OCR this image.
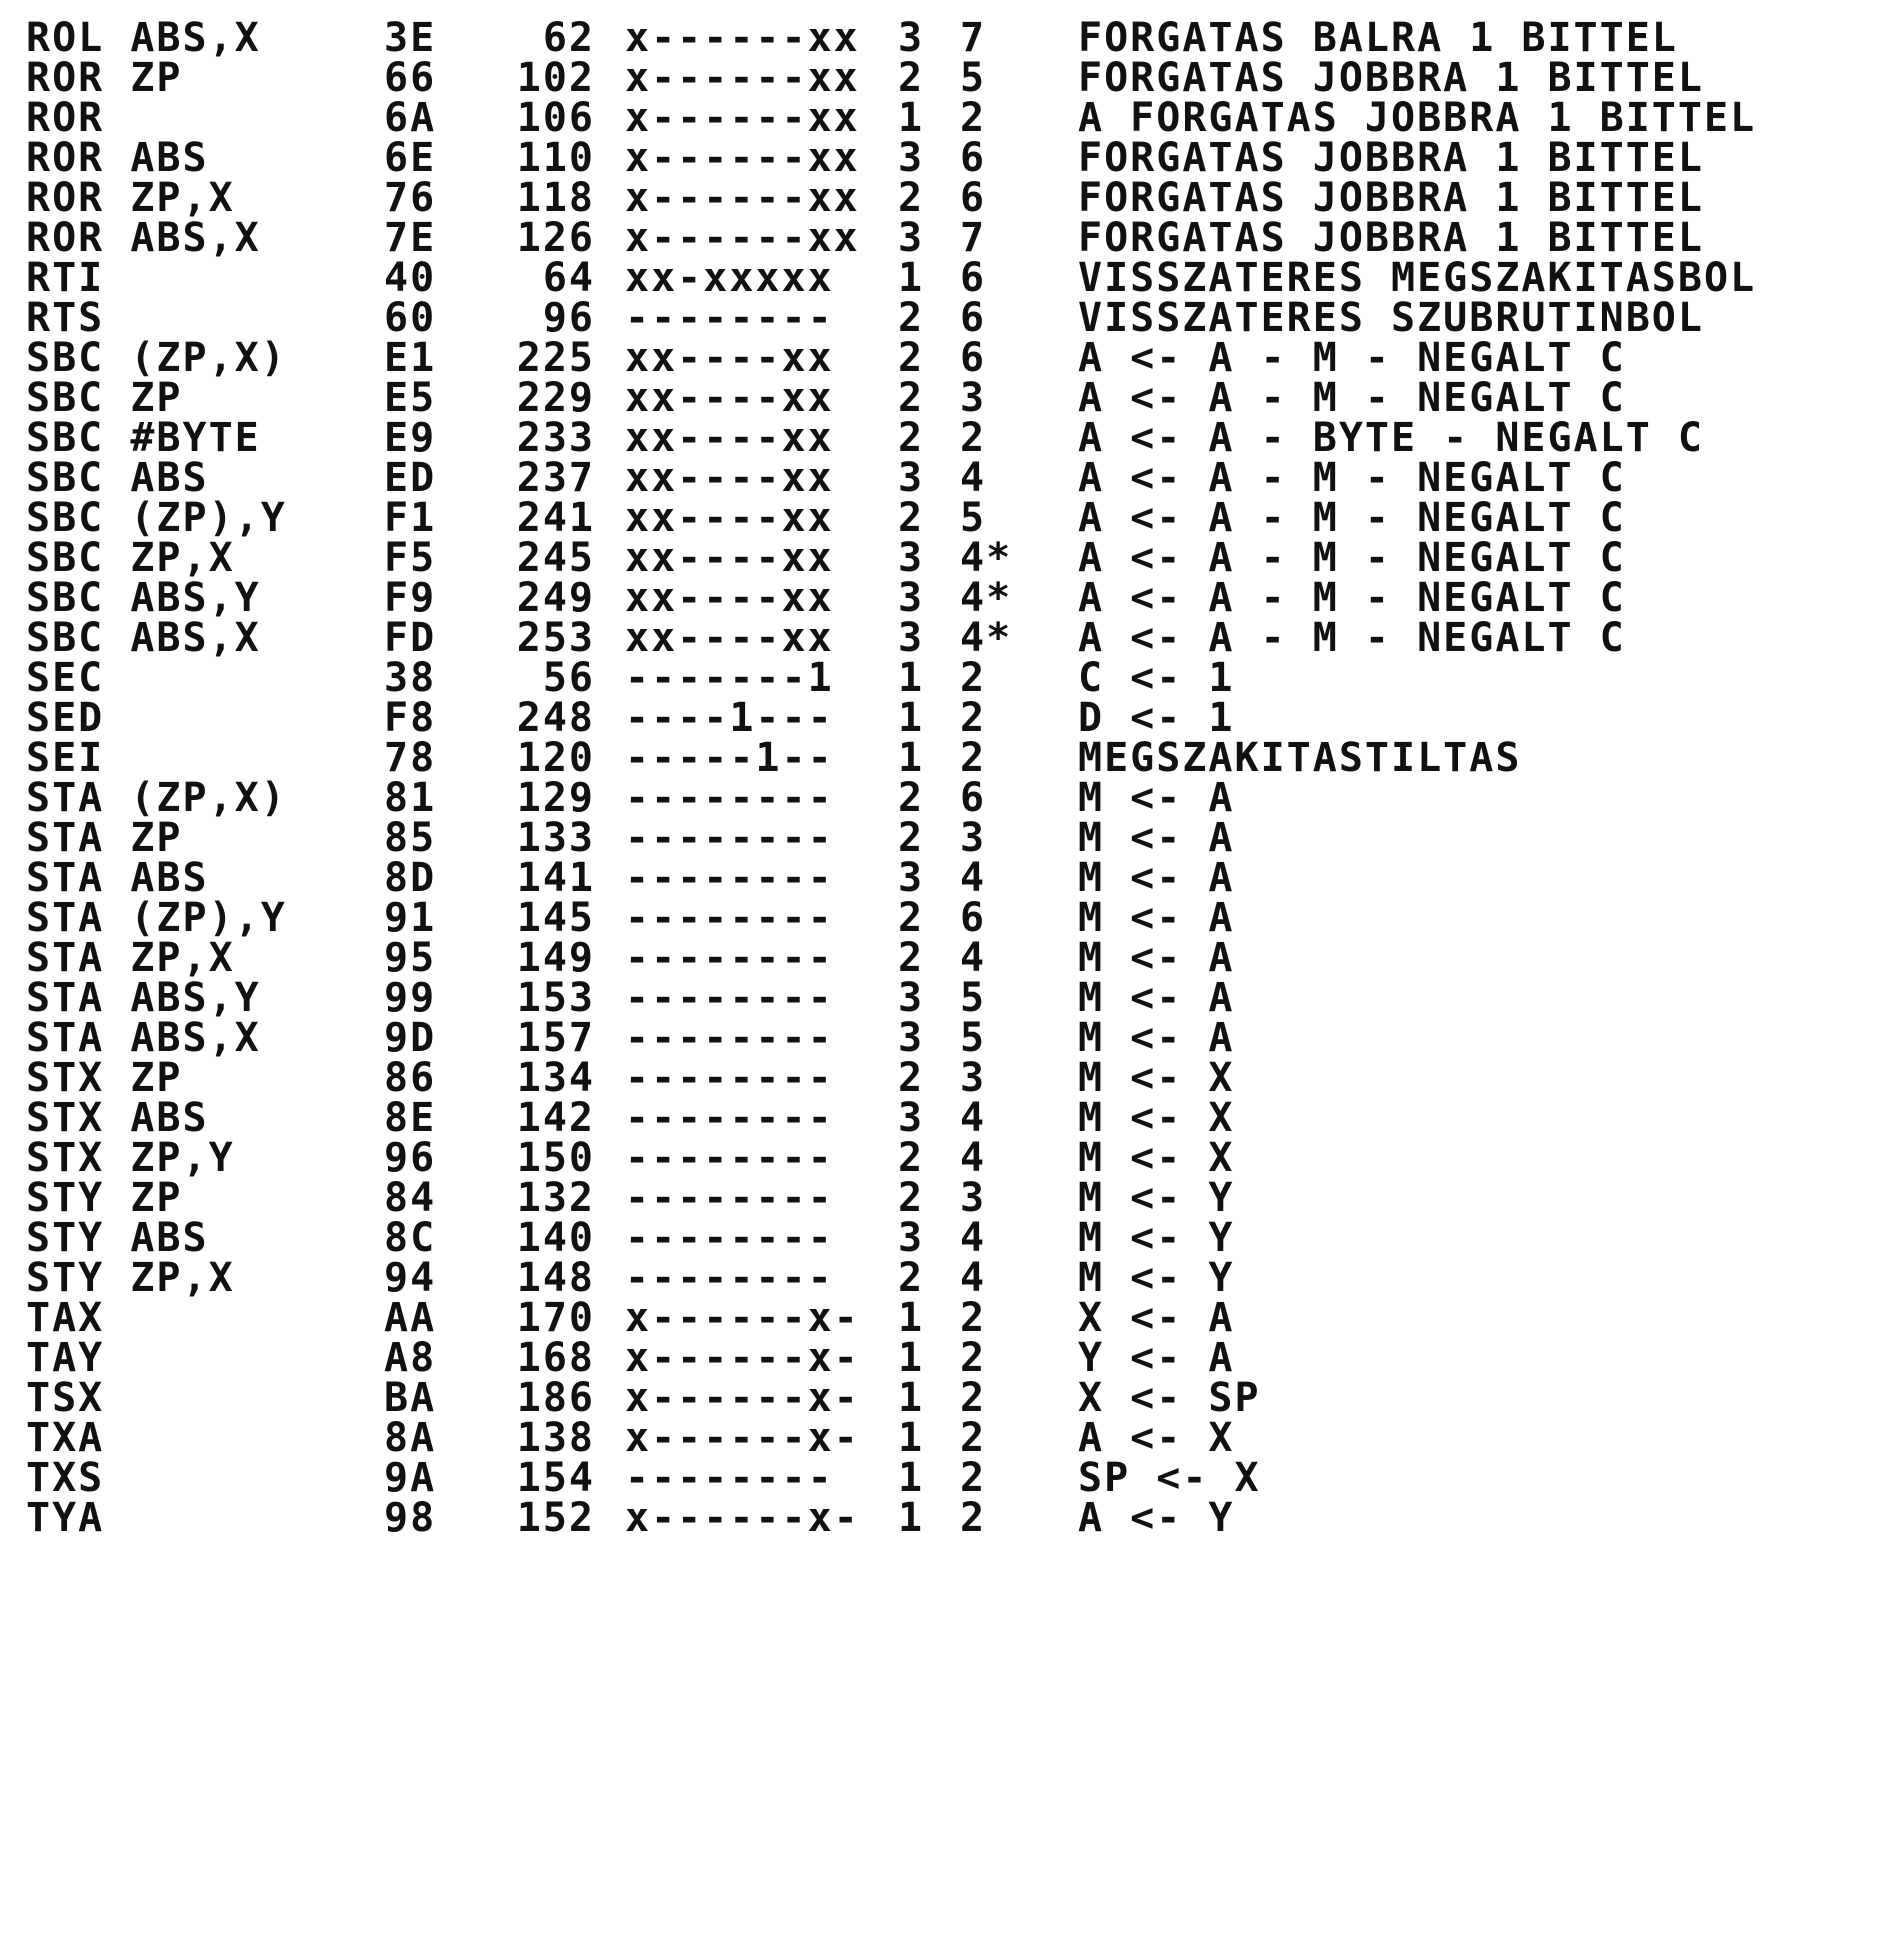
ROL ABS,X	3E	62 x------xx 3 7 FORGATAS BALRA 1 BITTEL
ROR ZP	66 102 x------xx 2 5 FORGATAS JOBBRA 1 BITTEL
ROR	6A 106 x------xx 1 2 A FORGATAS JOBBRA 1 BITTEL
ROR ABS	6E 110 x------xx 3 6 FORGATAS JOBBRA 1 BITTEL
ROR ZP,X	76 118 x------xx 2 6 FORGATAS JOBBRA 1 BITTEL
ROR ABS,X	7E 126 x------xx 3 7 FORGATAS JOBBRA 1 BITTEL
RTI	40	64 xx-xxxxx 1 6 VISSZATERES MEGSZAKITASBOL
RTS	60	96 -------- 2 6 VISSZATERES SZUBRUTINBOL
SBC (ZP,X) E1 225 xx----xx 2 6 A <- A - M - NEGALT C
SBC ZP	E5 229 xx----xx 2 3 A <- A - M - NEGALT C
SBC #BYTE	E9 233 xx----xx 2 2 A <- A - BYTE - NEGALT C
SBC ABS	ED 237 xx----xx 3 4 A <- A - M - NEGALT C
SBC (ZP),Y F1 241 xx----xx 2 5 A <- A - M - NEGALT C
SBC ZP,X	F5 245 xx----xx 3 4* A <- A - M - NEGALT C
SBC ABS,Y	F9 249 xx----xx 3 4* A <- A - M - NEGALT C
SBC ABS,X	FD 253 xx----xx 3 4* A <- A - M - NEGALT C
SEC	38	56 -------1 1 2 C <- 1
SED	F8 248 ----1--- 1 2 D <- 1
SEI	78 120 -----1-- 1 2 MEGSZAKITASTILTAS
STA (ZP,X) 81 129 -------- 2 6 M <- A
STA ZP	85 133 -------- 2 3 M <- A
STA ABS	8D 141 -------- 3 4 M <- A
STA (ZP),Y 91 145 -------- 2 6 M <- A
STA ZP,X	95 149 -------- 2 4 M <- A
STA ABS,Y	99 153 -------- 3 5 M <- A
STA ABS,X	9D 157 -------- 3 5 M <- A
STX ZP	86 134 -------- 2 3 M <- X
STX ABS	8E 142 -------- 3 4 M <- X
STX ZP,Y	96 150 -------- 2 4 M <- X
STY ZP	84 132 -------- 2 3 M <- Y
STY ABS	8C 140 -------- 3 4 M <- Y
STY ZP,X	94 148 -------- 2 4 M <- Y
TAX	AA 170 x------x- 1 2 X <- A
TAY	A8 168 x------x- 1 2 Y <- A
TSX	BA 186 x------x- 1 2 X <- SP
TXA	8A 138 x------x- 1 2 A <- X
TXS	9A 154 -------- 1 2 SP <- X
TYA	98 152 x------x- 1 2 A <- Y
